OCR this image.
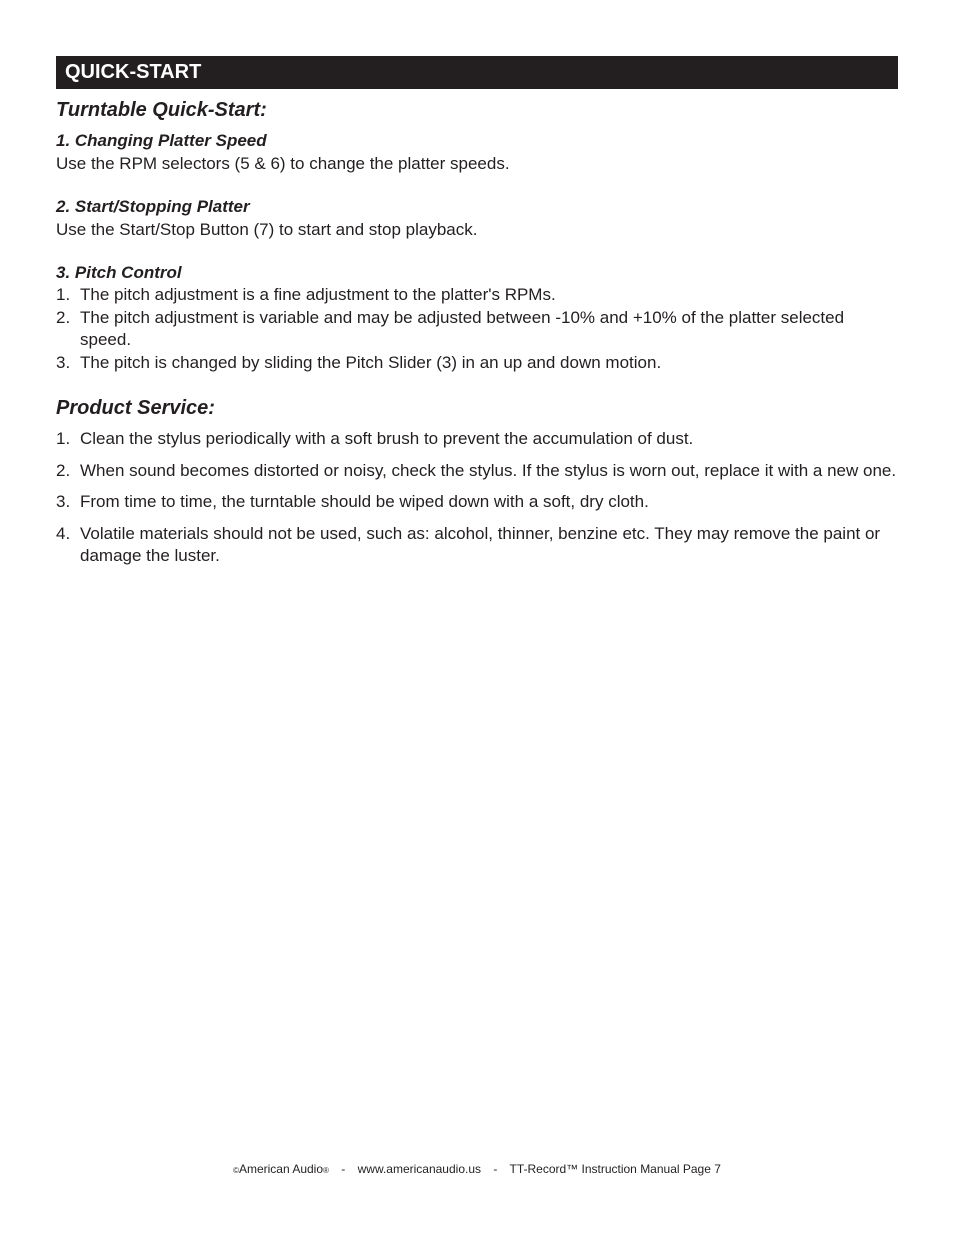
QUICK-START
Turntable Quick-Start:
1. Changing Platter Speed
Use the RPM selectors (5 & 6) to change the platter speeds.
2. Start/Stopping Platter
Use the Start/Stop Button (7) to start and stop playback.
3. Pitch Control
1. The pitch adjustment is a fine adjustment to the platter's RPMs.
2. The pitch adjustment is variable and may be adjusted between -10% and +10% of the platter selected speed.
3. The pitch is changed by sliding the Pitch Slider (3) in an up and down motion.
Product Service:
1. Clean the stylus periodically with a soft brush to prevent the accumulation of dust.
2. When sound becomes distorted or noisy, check the stylus. If the stylus is worn out, replace it with a new one.
3. From time to time, the turntable should be wiped down with a soft, dry cloth.
4. Volatile materials should not be used, such as: alcohol, thinner, benzine etc. They may remove the paint or damage the luster.
©American Audio® - www.americanaudio.us - TT-Record™ Instruction Manual Page 7
